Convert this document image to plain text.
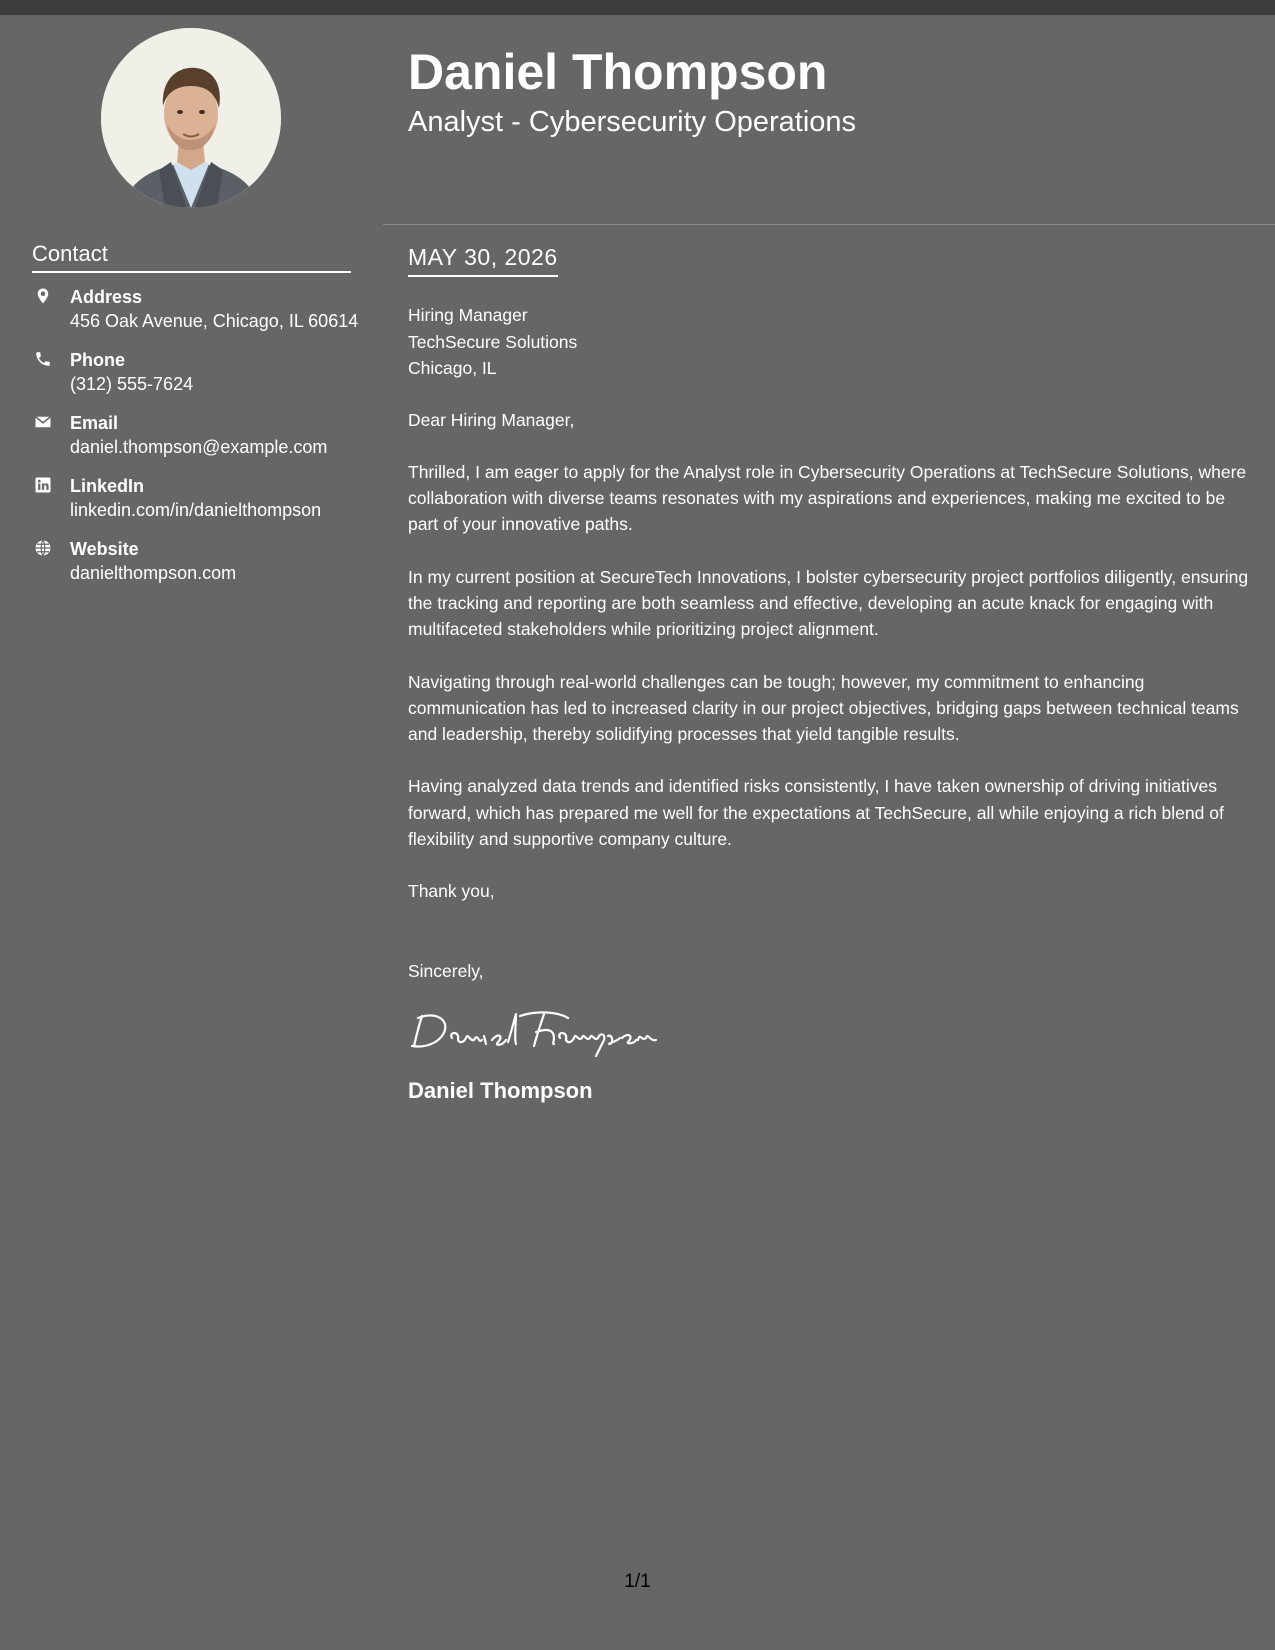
Contact
Address
456 Oak Avenue, Chicago, IL 60614
Phone
(312) 555-7624
Email
daniel.thompson@example.com
LinkedIn
linkedin.com/in/danielthompson
Website
danielthompson.com
Daniel Thompson
Analyst - Cybersecurity Operations
MAY 30, 2026
Hiring Manager
TechSecure Solutions
Chicago, IL
Dear Hiring Manager,

Thrilled, I am eager to apply for the Analyst role in Cybersecurity Operations at TechSecure Solutions, where collaboration with diverse teams resonates with my aspirations and experiences, making me excited to be part of your innovative paths.

In my current position at SecureTech Innovations, I bolster cybersecurity project portfolios diligently, ensuring the tracking and reporting are both seamless and effective, developing an acute knack for engaging with multifaceted stakeholders while prioritizing project alignment.

Navigating through real-world challenges can be tough; however, my commitment to enhancing communication has led to increased clarity in our project objectives, bridging gaps between technical teams and leadership, thereby solidifying processes that yield tangible results.

Having analyzed data trends and identified risks consistently, I have taken ownership of driving initiatives forward, which has prepared me well for the expectations at TechSecure, all while enjoying a rich blend of flexibility and supportive company culture.

Thank you,
Sincerely,
Daniel Thompson
1/1
